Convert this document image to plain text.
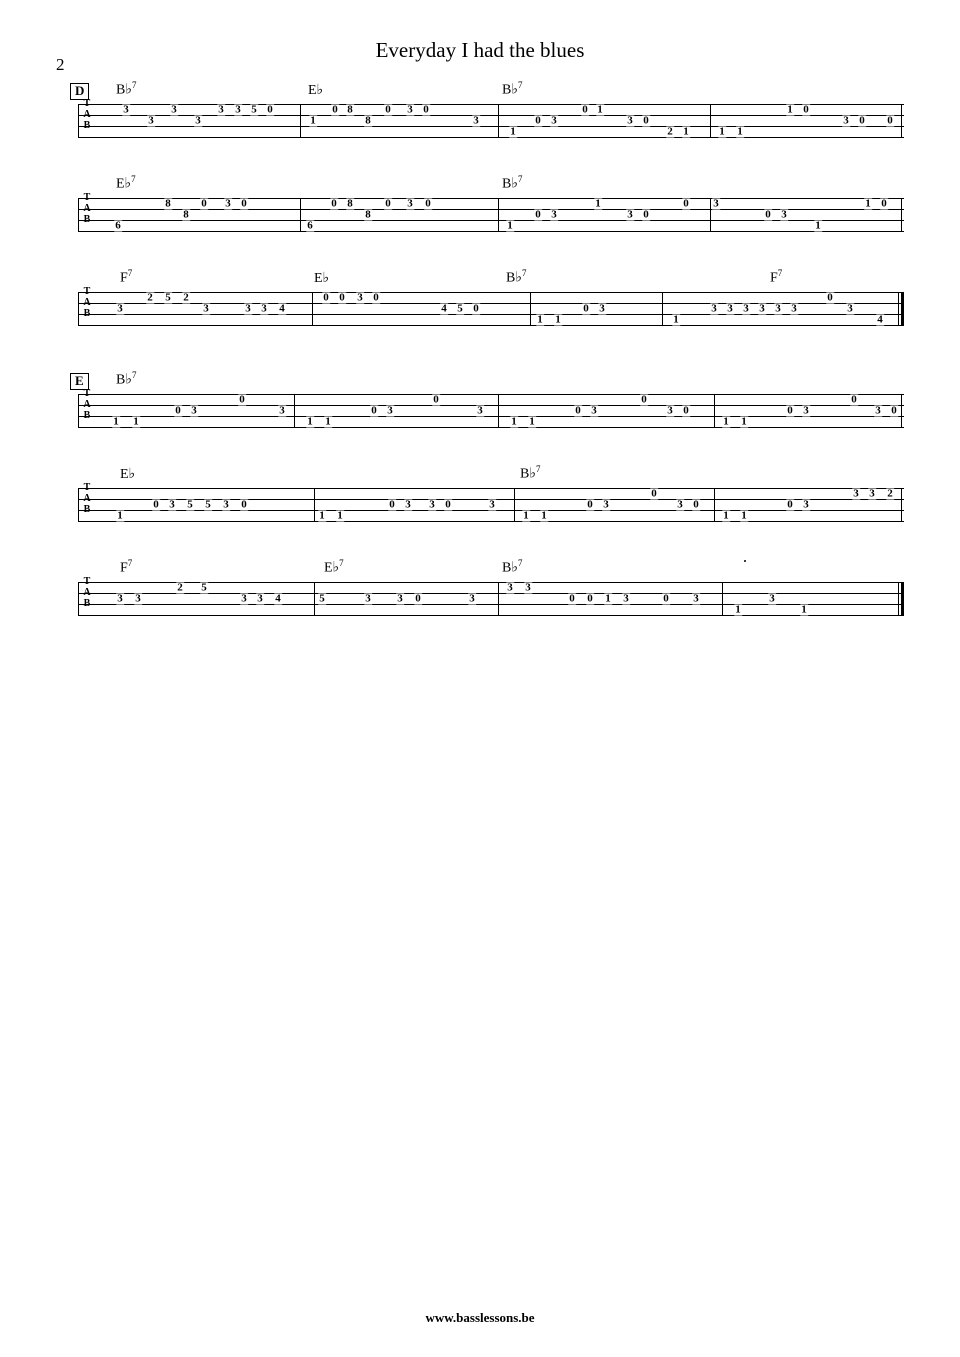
2
Everyday I had the blues
D	B♭$^7$	E♭	B♭$^7$
T
A
B
3
3
3
3
3 3 5 0
1
0 8
8
0 3 0
3
1
0 3
0 1
3 0
2 1	1 1
1 0
3 0 0
E♭$^7$	B♭$^7$
T
A
B	6
8
8
0 3 0
6
0 8
8
0 3 0
1
0 3
1
3 0
0 3
0 3
1
1 0
$F^7$	E♭	B♭$^7$	$F^7$
T
A
B	3
2 5 2
3	3 3 4
0 0 3 0
4 5 0
1 1
0 3
1
3 3 3 3 3 3
0
3
4
E	B♭$^7$
T
A
B	1 1
0 3
0
3
1 1
0 3
0
3
1 1
0 3
0
3 0
1 1
0 3
0
3 0
E♭	B♭$^7$
T
A
B	1
0 3 5 5 3 0
1 1
0 3 3 0	3
1 1
0 3
0
3 0
1 1
0 3
3 3 2
$F^7$	E♭$^7$	B♭$^7$
T
A
B	3 3
2 5
3 3 4	5	3 3 0	3
3 3
0 0 1 3	0 3
1
3
1
www.basslessons.be
